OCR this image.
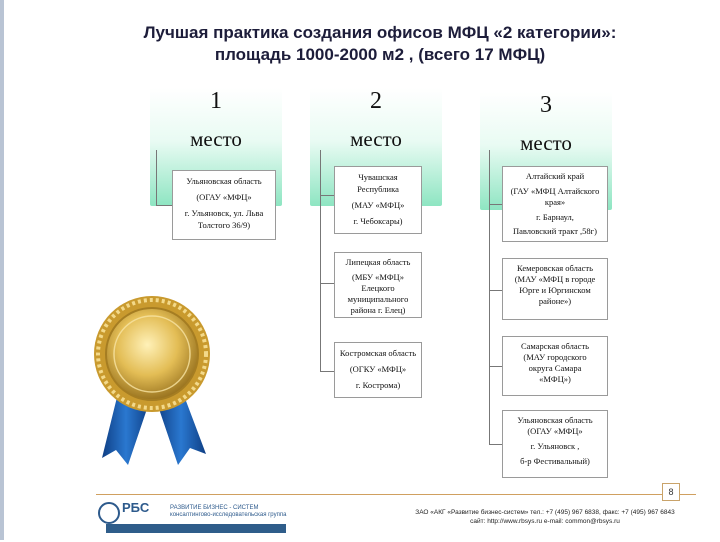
Лучшая практика создания офисов МФЦ «2 категории»:
площадь 1000-2000 м2 , (всего 17 МФЦ)
1
место
2
место
3
место
Ульяновская область
(ОГАУ «МФЦ»
г. Ульяновск, ул. Льва
Толстого 36/9)
Чувашская
Республика
(МАУ «МФЦ»
г. Чебоксары)
Липецкая область
(МБУ «МФЦ»
Елецкого
муниципального
района г. Елец)
Костромская область
(ОГКУ «МФЦ»
г. Кострома)
Алтайский край
(ГАУ «МФЦ Алтайского
края»
г. Барнаул,
Павловский тракт ,58г)
Кемеровская область
(МАУ «МФЦ в городе
Юрге и Юргинском
районе»)
Самарская область
(МАУ городского
округа Самара
«МФЦ»)
Ульяновская область
(ОГАУ «МФЦ»
г. Ульяновск ,
б-р Фестивальный)
8
РБС	РАЗВИТИЕ БИЗНЕС - СИСТЕМ
консалтингово-исследовательская группа
Партнер Сетей Деловой Жизни
ЗАО «АКГ «Развитие бизнес-систем» тел.: +7 (495) 967 6838, факс: +7 (495) 967 6843
сайт: http://www.rbsys.ru e-mail: common@rbsys.ru
